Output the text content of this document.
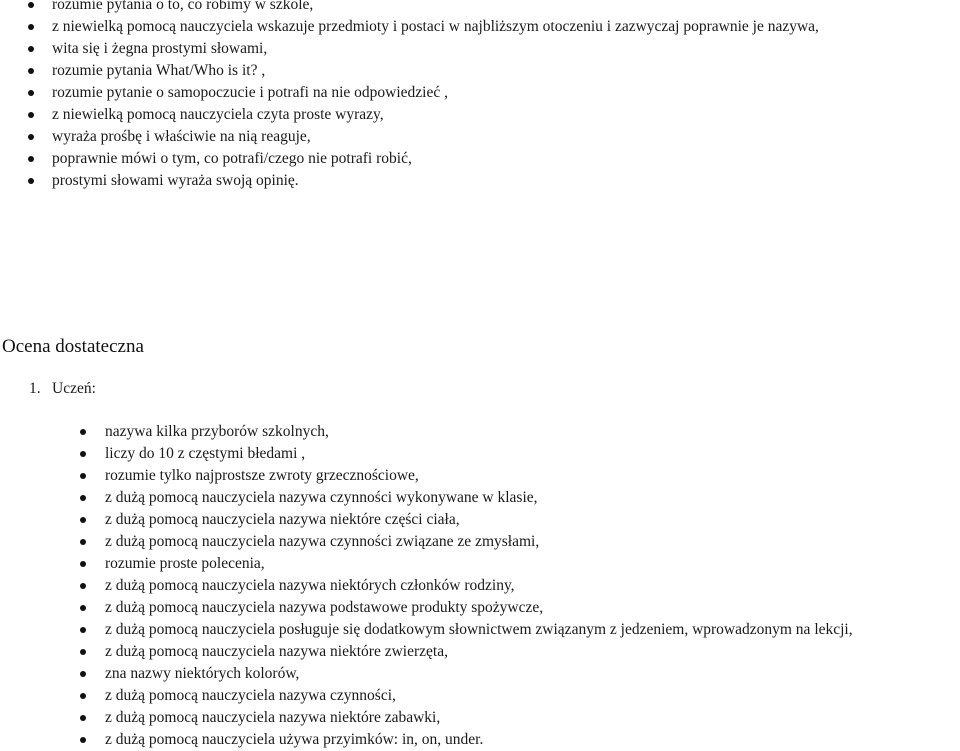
rozumie pytania o to, co robimy w szkole,
z niewielką pomocą nauczyciela wskazuje przedmioty i postaci w najbliższym otoczeniu i zazwyczaj poprawnie je nazywa,
wita się i żegna prostymi słowami,
rozumie pytania What/Who is it? ,
rozumie pytanie o samopoczucie i potrafi na nie odpowiedzieć ,
z niewielką pomocą nauczyciela czyta proste wyrazy,
wyraża prośbę i właściwie na nią reaguje,
poprawnie mówi o tym, co potrafi/czego nie potrafi robić,
prostymi słowami wyraża swoją opinię.
Ocena dostateczna
1. Uczeń:
nazywa kilka przyborów szkolnych,
liczy do 10 z częstymi błedami ,
rozumie tylko najprostsze zwroty grzecznościowe,
z dużą pomocą nauczyciela nazywa czynności wykonywane w klasie,
z dużą pomocą nauczyciela nazywa niektóre części ciała,
z dużą pomocą nauczyciela nazywa czynności związane ze zmysłami,
rozumie proste polecenia,
z dużą pomocą nauczyciela nazywa niektórych członków rodziny,
z dużą pomocą nauczyciela nazywa podstawowe produkty spożywcze,
z dużą pomocą nauczyciela posługuje się dodatkowym słownictwem związanym z jedzeniem, wprowadzonym na lekcji,
z dużą pomocą nauczyciela nazywa niektóre zwierzęta,
zna nazwy niektórych kolorów,
z dużą pomocą nauczyciela nazywa czynności,
z dużą pomocą nauczyciela nazywa niektóre zabawki,
z dużą pomocą nauczyciela używa przyimków: in, on, under.
